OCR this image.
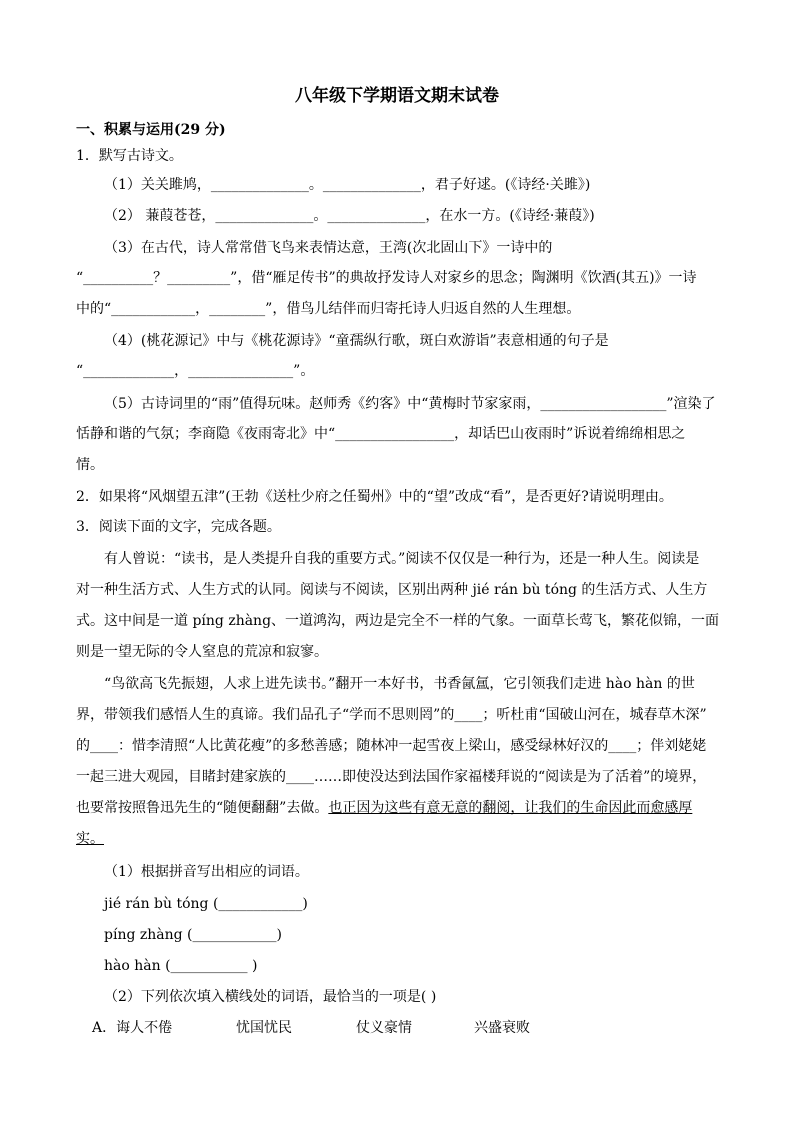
八年级下学期语文期末试卷
一、积累与运用(29 分)
1．默写古诗文。
（1）关关雎鸠，______________。______________，君子好逑。(《诗经·关雎》)
（2） 蒹葭苍苍，______________。______________，在水一方。(《诗经·蒹葭》)
（3）在古代，诗人常常借飞鸟来表情达意，王湾(次北固山下》一诗中的
“__________？_________”，借“雁足传书”的典故抒发诗人对家乡的思念；陶渊明《饮酒(其五)》一诗
中的“____________，________”，借鸟儿结伴而归寄托诗人归返自然的人生理想。
（4）(桃花源记》中与《桃花源诗》“童孺纵行歌，斑白欢游诣”表意相通的句子是
“_____________，_______________”。
（5）古诗词里的“雨”值得玩味。赵师秀《约客》中“黄梅时节家家雨，__________________”渲染了
恬静和谐的气氛；李商隐《夜雨寄北》中“_________________，却话巴山夜雨时”诉说着绵绵相思之
情。
2．如果将“风烟望五津”(王勃《送杜少府之任蜀州》中的“望”改成“看”，是否更好?请说明理由。
3．阅读下面的文字，完成各题。
有人曾说：“读书，是人类提升自我的重要方式。”阅读不仅仅是一种行为，还是一种人生。阅读是
对一种生活方式、人生方式的认同。阅读与不阅读，区别出两种 jié rán bù tóng 的生活方式、人生方
式。这中间是一道 píng zhàng、一道鸿沟，两边是完全不一样的气象。一面草长莺飞，繁花似锦，一面
则是一望无际的令人窒息的荒凉和寂寥。
“鸟欲高飞先振翅，人求上进先读书。”翻开一本好书，书香氤氲，它引领我们走进 hào hàn 的世
界，带领我们感悟人生的真谛。我们品孔子“学而不思则罔”的____；听杜甫“国破山河在，城春草木深”
的____：惜李清照“人比黄花瘦”的多愁善感；随林冲一起雪夜上梁山，感受绿林好汉的____；伴刘姥姥
一起三进大观园，目睹封建家族的____……即使没达到法国作家福楼拜说的“阅读是为了活着”的境界，
也要常按照鲁迅先生的“随便翻翻”去做。也正因为这些有意无意的翻阅，让我们的生命因此而愈感厚
实。
（1）根据拼音写出相应的词语。
jié rán bù tóng (____________)
píng zhàng (____________)
hào hàn (___________ )
（2）下列依次填入横线处的词语，最恰当的一项是( )
A．诲人不倦	忧国忧民	仗义豪情	兴盛衰败
